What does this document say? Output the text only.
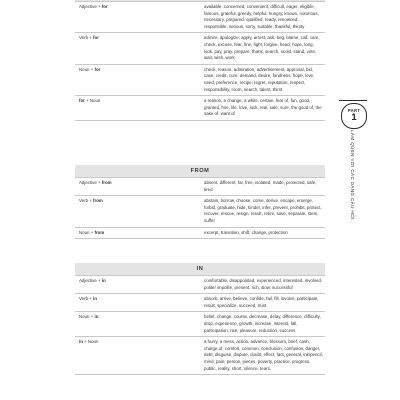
Adjective + for	available, concerned, convenient, difficult, eager, eligible, famous, grateful, greedy, helpful, hungry, known, notorious, necessary, prepared, qualified, ready, renowned, responsible, serious, sorry, suitable, thankful, thirsty
Verb + for	admire, apologize, apply, arrest, ask, beg, blame, call, care, check, excuse, fear, fine, fight, forgive, head, hope, long, look, pay, pray, prepare, thank, search, scold, stand, vote, wait, wish, work
Noun + for	check, reason, admiration, advertisement, approval, bid, case, credit, cure, demand, desire, fondness, hope, love, need, preference, recipe, regret, reputation, respect, responsibility, room, search, talent, thirst
for + Noun	a reason, a change, a while, certain, fear of, fun, good, granted, hire, life, love, luck, real, sale, sure, the good of, the sake of, want of
FROM	
Adjective + from	absent, different, far, free, isolated, made, protected, safe, tired
Verb + from	abstain, borrow, choose, come, derive, escape, emerge, forbid, graduate, hide, hinder, infer, prevent, prohibit, protect, recover, rescue, resign, result, retire, save, separate, stem, suffer
Noun + from	excerpt, transition, shift, change, protection
IN	
Adjective + in	comfortable, disappointed, experienced, interested, involved, polite/ impolite, present, rich, slow, successful
Verb + in	absorb, arrive, believe, confide, fail, fill, involve, participate, result, specialize, succeed, trust
Noun + in	belief, change, course, decrease, delay, difference, difficulty, drop, experience, growth, increase, interest, fall, participation, rise, pleasure, reduction, success
in + Noun	a hurry, a mess, action, advance, blossom, brief, cash, charge of, comfort, common, conclusion, confusion, danger, debt, disguise, dispute, doubt, effect, fact, general, ink/pencil, mind, pain, person, pieces, poverty, practice, progress, public, reality, short, silence, tears,
PART
1
LÀM QUEN VỚI CÁC DẠNG CÂU HỎI
